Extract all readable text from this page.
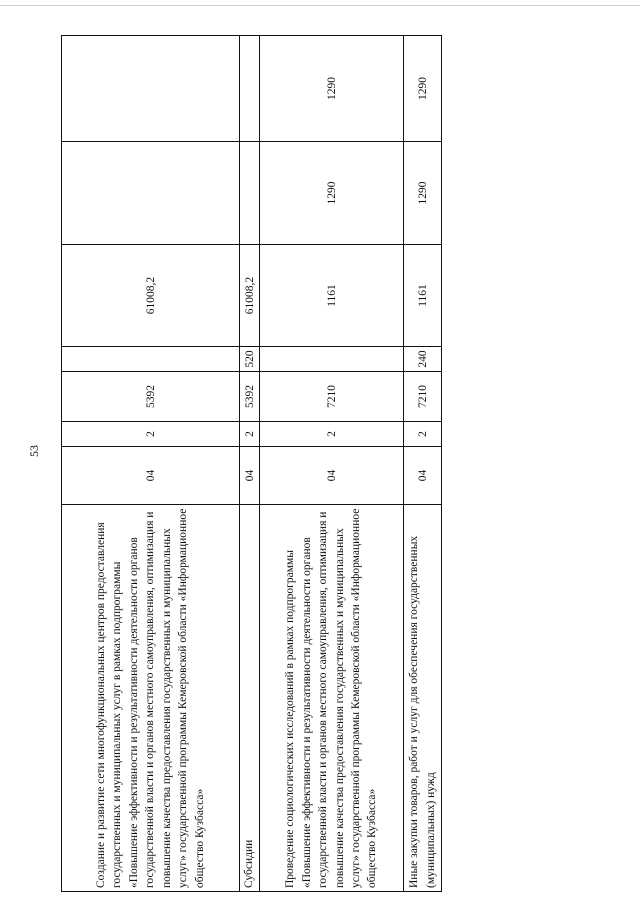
53
Создание и развитие сети многофункциональных центров предоставления государственных и муниципальных услуг в рамках подпрограммы «Повышение эффективности и результативности деятельности органов государственной власти и органов местного самоуправления, оптимизация и повышение качества предоставления государственных и муниципальных услуг» государственной программы Кемеровской области «Информационное общество Кузбасса»	04	2	5392		61008,2		
Субсидии	04	2	5392	520	61008,2		
Проведение социологических исследований в рамках подпрограммы «Повышение эффективности и результативности деятельности органов государственной власти и органов местного самоуправления, оптимизация и повышение качества предоставления государственных и муниципальных услуг» государственной программы Кемеровской области «Информационное общество Кузбасса»	04	2	7210		1161	1290	1290
Иные закупки товаров, работ и услуг для обеспечения государственных (муниципальных) нужд	04	2	7210	240	1161	1290	1290
